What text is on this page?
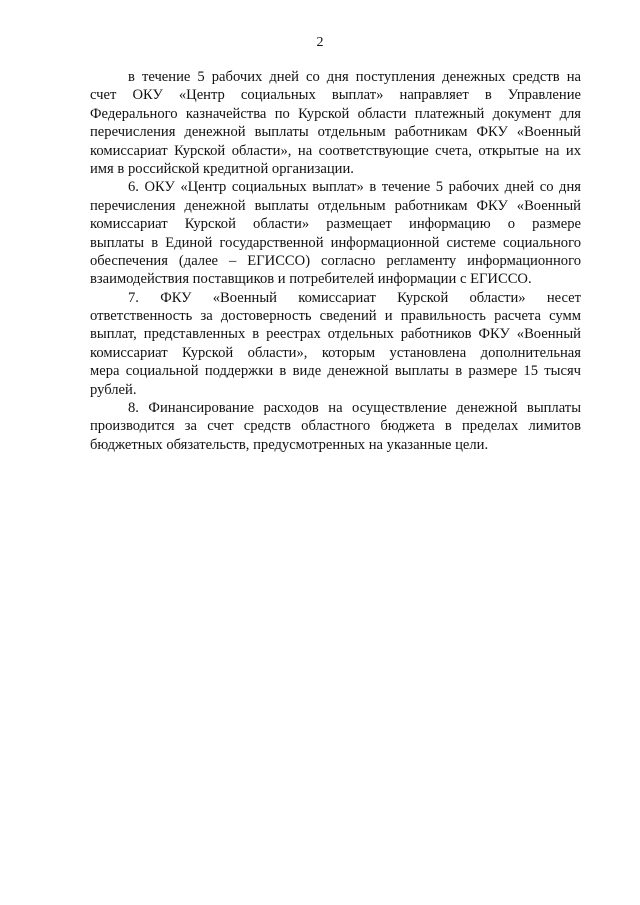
2
в течение 5 рабочих дней со дня поступления денежных средств на
счет ОКУ «Центр социальных выплат» направляет в Управление
Федерального казначейства по Курской области платежный документ для
перечисления денежной выплаты отдельным работникам ФКУ «Военный
комиссариат Курской области», на соответствующие счета, открытые на их
имя в российской кредитной организации.
6. ОКУ «Центр социальных выплат» в течение 5 рабочих дней со дня
перечисления денежной выплаты отдельным работникам ФКУ «Военный
комиссариат Курской области» размещает информацию о размере
выплаты в Единой государственной информационной системе социального
обеспечения (далее – ЕГИССО) согласно регламенту информационного
взаимодействия поставщиков и потребителей информации с ЕГИССО.
7. ФКУ «Военный комиссариат Курской области» несет
ответственность за достоверность сведений и правильность расчета сумм
выплат, представленных в реестрах отдельных работников ФКУ «Военный
комиссариат Курской области», которым установлена дополнительная
мера социальной поддержки в виде денежной выплаты в размере 15 тысяч
рублей.
8. Финансирование расходов на осуществление денежной выплаты
производится за счет средств областного бюджета в пределах лимитов
бюджетных обязательств, предусмотренных на указанные цели.
